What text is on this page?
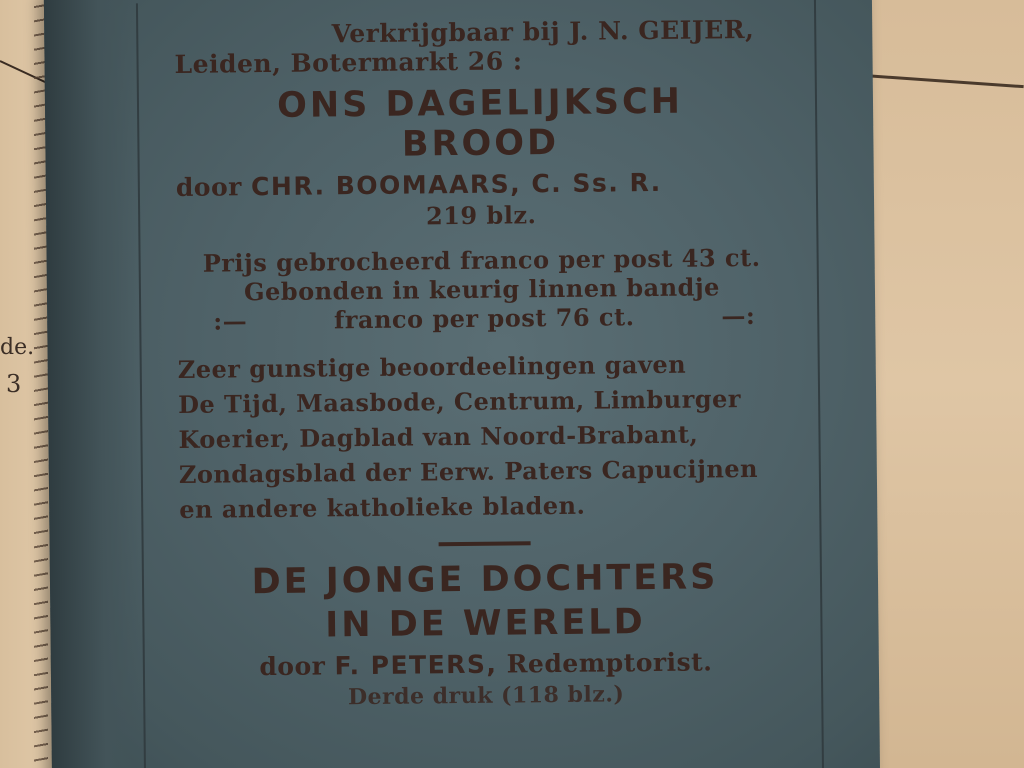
de.
3
Verkrijgbaar bij J. N. GEIJER,
Leiden, Botermarkt 26 :
ONS DAGELIJKSCH
BROOD
door CHR. BOOMAARS, C. Ss. R.
219 blz.
Prijs gebrocheerd franco per post 43 ct.
Gebonden in keurig linnen bandje
:—	franco per post 76 ct.	—:
Zeer gunstige beoordeelingen gaven
De Tijd, Maasbode, Centrum, Limburger
Koerier, Dagblad van Noord-Brabant,
Zondagsblad der Eerw. Paters Capucijnen
en andere katholieke bladen.
DE JONGE DOCHTERS
IN DE WERELD
door F. PETERS, Redemptorist.
Derde druk (118 blz.)
